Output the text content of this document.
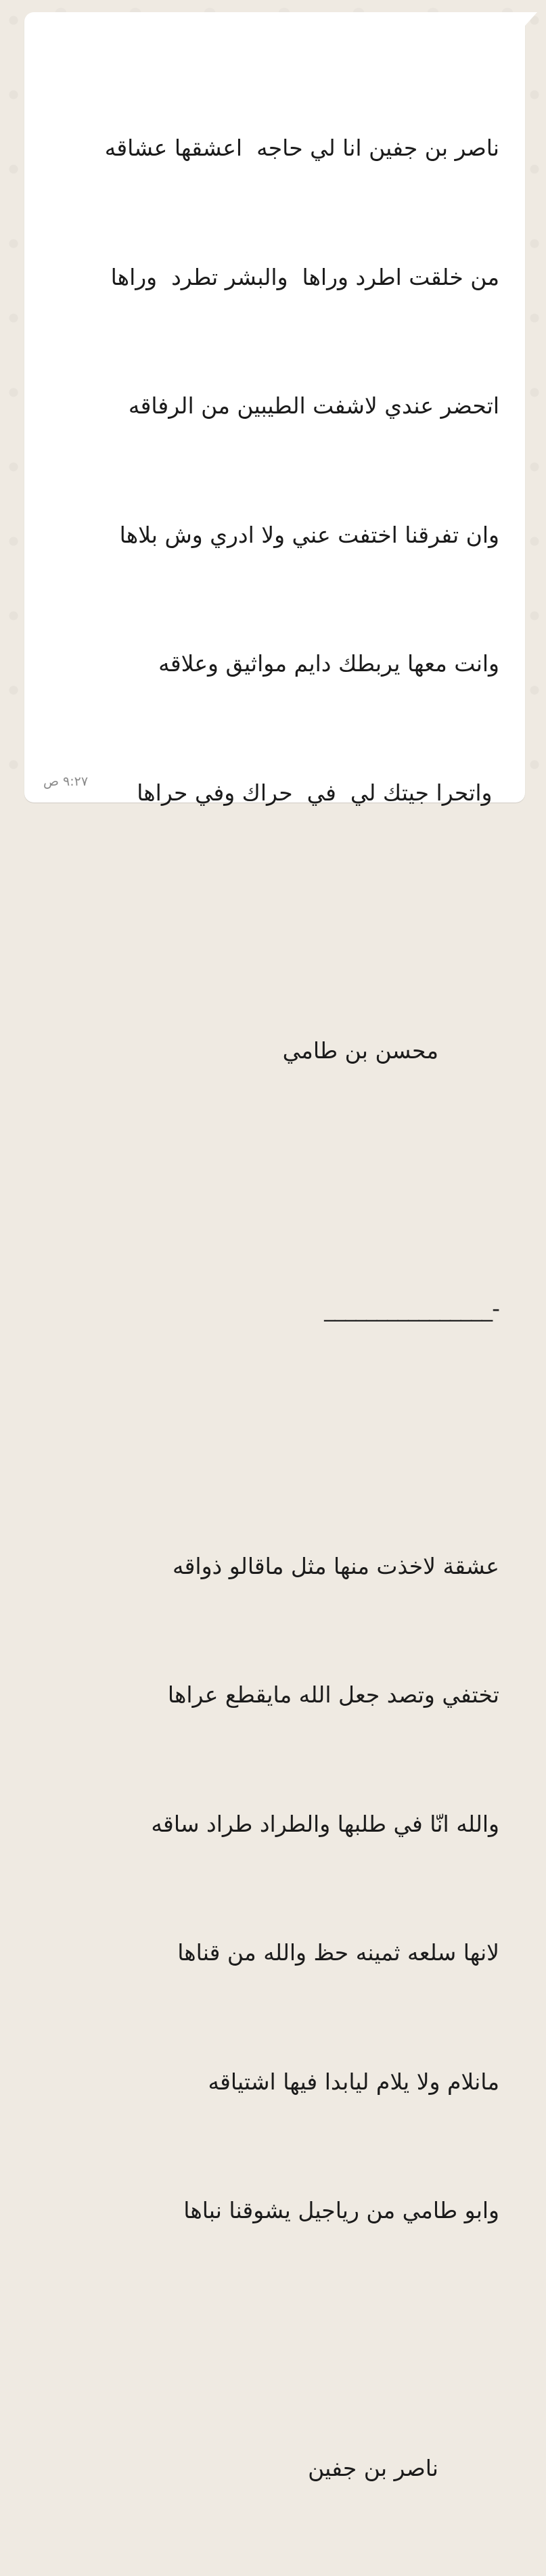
ناصر بن جفين انا لي حاجه  اعشقها عشاقه

من خلقت اطرد وراها  والبشر تطرد  وراها

اتحضر عندي لاشفت الطيبين من الرفاقه

وان تفرقنا اختفت عني ولا ادري وش بلاها

وانت معها يربطك دايم مواثيق وعلاقه

واتحرا جيتك لي  في  حراك وفي حراها

محسن بن طامي

-________________

عشقة لاخذت منها مثل ماقالو ذواقه

تختفي وتصد جعل الله مايقطع عراها

والله انّا في طلبها والطراد طراد ساقه

لانها سلعه ثمينه حظ والله من قناها

مانلام ولا يلام ليابدا فيها اشتياقه

وابو طامي من رياجيل يشوقنا نباها

ناصر بن جفين

٩:٢٧ ص
